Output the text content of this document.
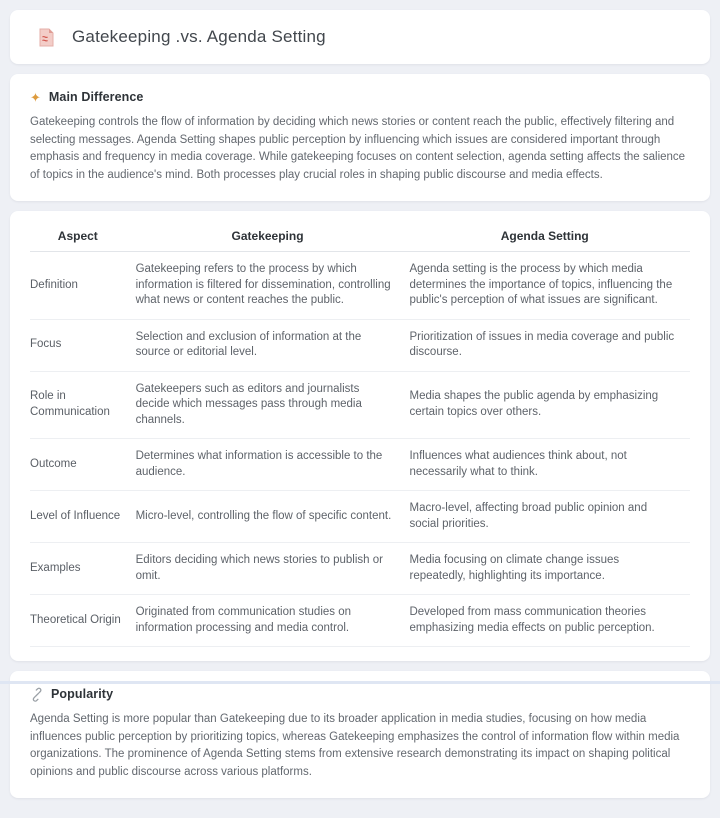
Gatekeeping .vs. Agenda Setting
✦ Main Difference

Gatekeeping controls the flow of information by deciding which news stories or content reach the public, effectively filtering and selecting messages. Agenda Setting shapes public perception by influencing which issues are considered important through emphasis and frequency in media coverage. While gatekeeping focuses on content selection, agenda setting affects the salience of topics in the audience's mind. Both processes play crucial roles in shaping public discourse and media effects.

Aspect	Gatekeeping	Agenda Setting
Definition	Gatekeeping refers to the process by which information is filtered for dissemination, controlling what news or content reaches the public.	Agenda setting is the process by which media determines the importance of topics, influencing the public's perception of what issues are significant.
Focus	Selection and exclusion of information at the source or editorial level.	Prioritization of issues in media coverage and public discourse.
Role in Communication	Gatekeepers such as editors and journalists decide which messages pass through media channels.	Media shapes the public agenda by emphasizing certain topics over others.
Outcome	Determines what information is accessible to the audience.	Influences what audiences think about, not necessarily what to think.
Level of Influence	Micro-level, controlling the flow of specific content.	Macro-level, affecting broad public opinion and social priorities.
Examples	Editors deciding which news stories to publish or omit.	Media focusing on climate change issues repeatedly, highlighting its importance.
Theoretical Origin	Originated from communication studies on information processing and media control.	Developed from mass communication theories emphasizing media effects on public perception.
Popularity

Agenda Setting is more popular than Gatekeeping due to its broader application in media studies, focusing on how media influences public perception by prioritizing topics, whereas Gatekeeping emphasizes the control of information flow within media organizations. The prominence of Agenda Setting stems from extensive research demonstrating its impact on shaping political opinions and public discourse across various platforms.
